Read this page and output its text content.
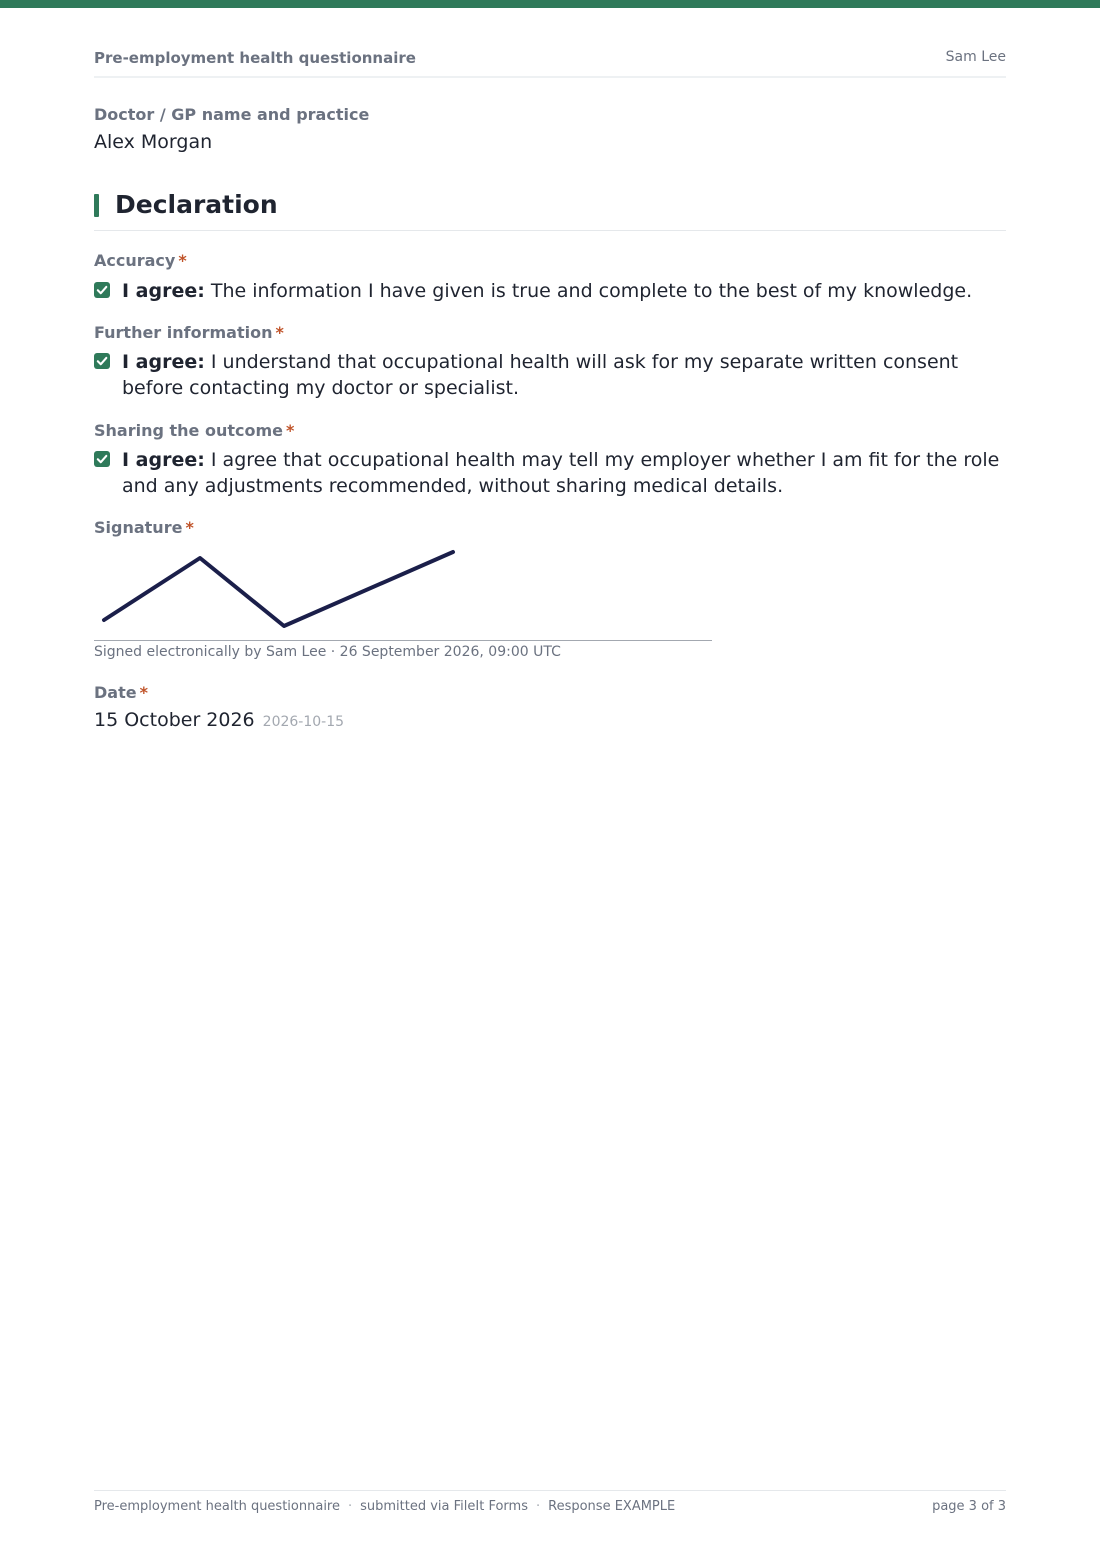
Pre-employment health questionnaire	Sam Lee
Doctor / GP name and practice
Alex Morgan
Declaration
Accuracy *
I agree: The information I have given is true and complete to the best of my knowledge.
Further information *
I agree: I understand that occupational health will ask for my separate written consent before contacting my doctor or specialist.
Sharing the outcome *
I agree: I agree that occupational health may tell my employer whether I am fit for the role and any adjustments recommended, without sharing medical details.
Signature *
Signed electronically by Sam Lee · 26 September 2026, 09:00 UTC
Date *
15 October 2026 2026-10-15
Pre-employment health questionnaire · submitted via FileIt Forms · Response EXAMPLE	page 3 of 3
